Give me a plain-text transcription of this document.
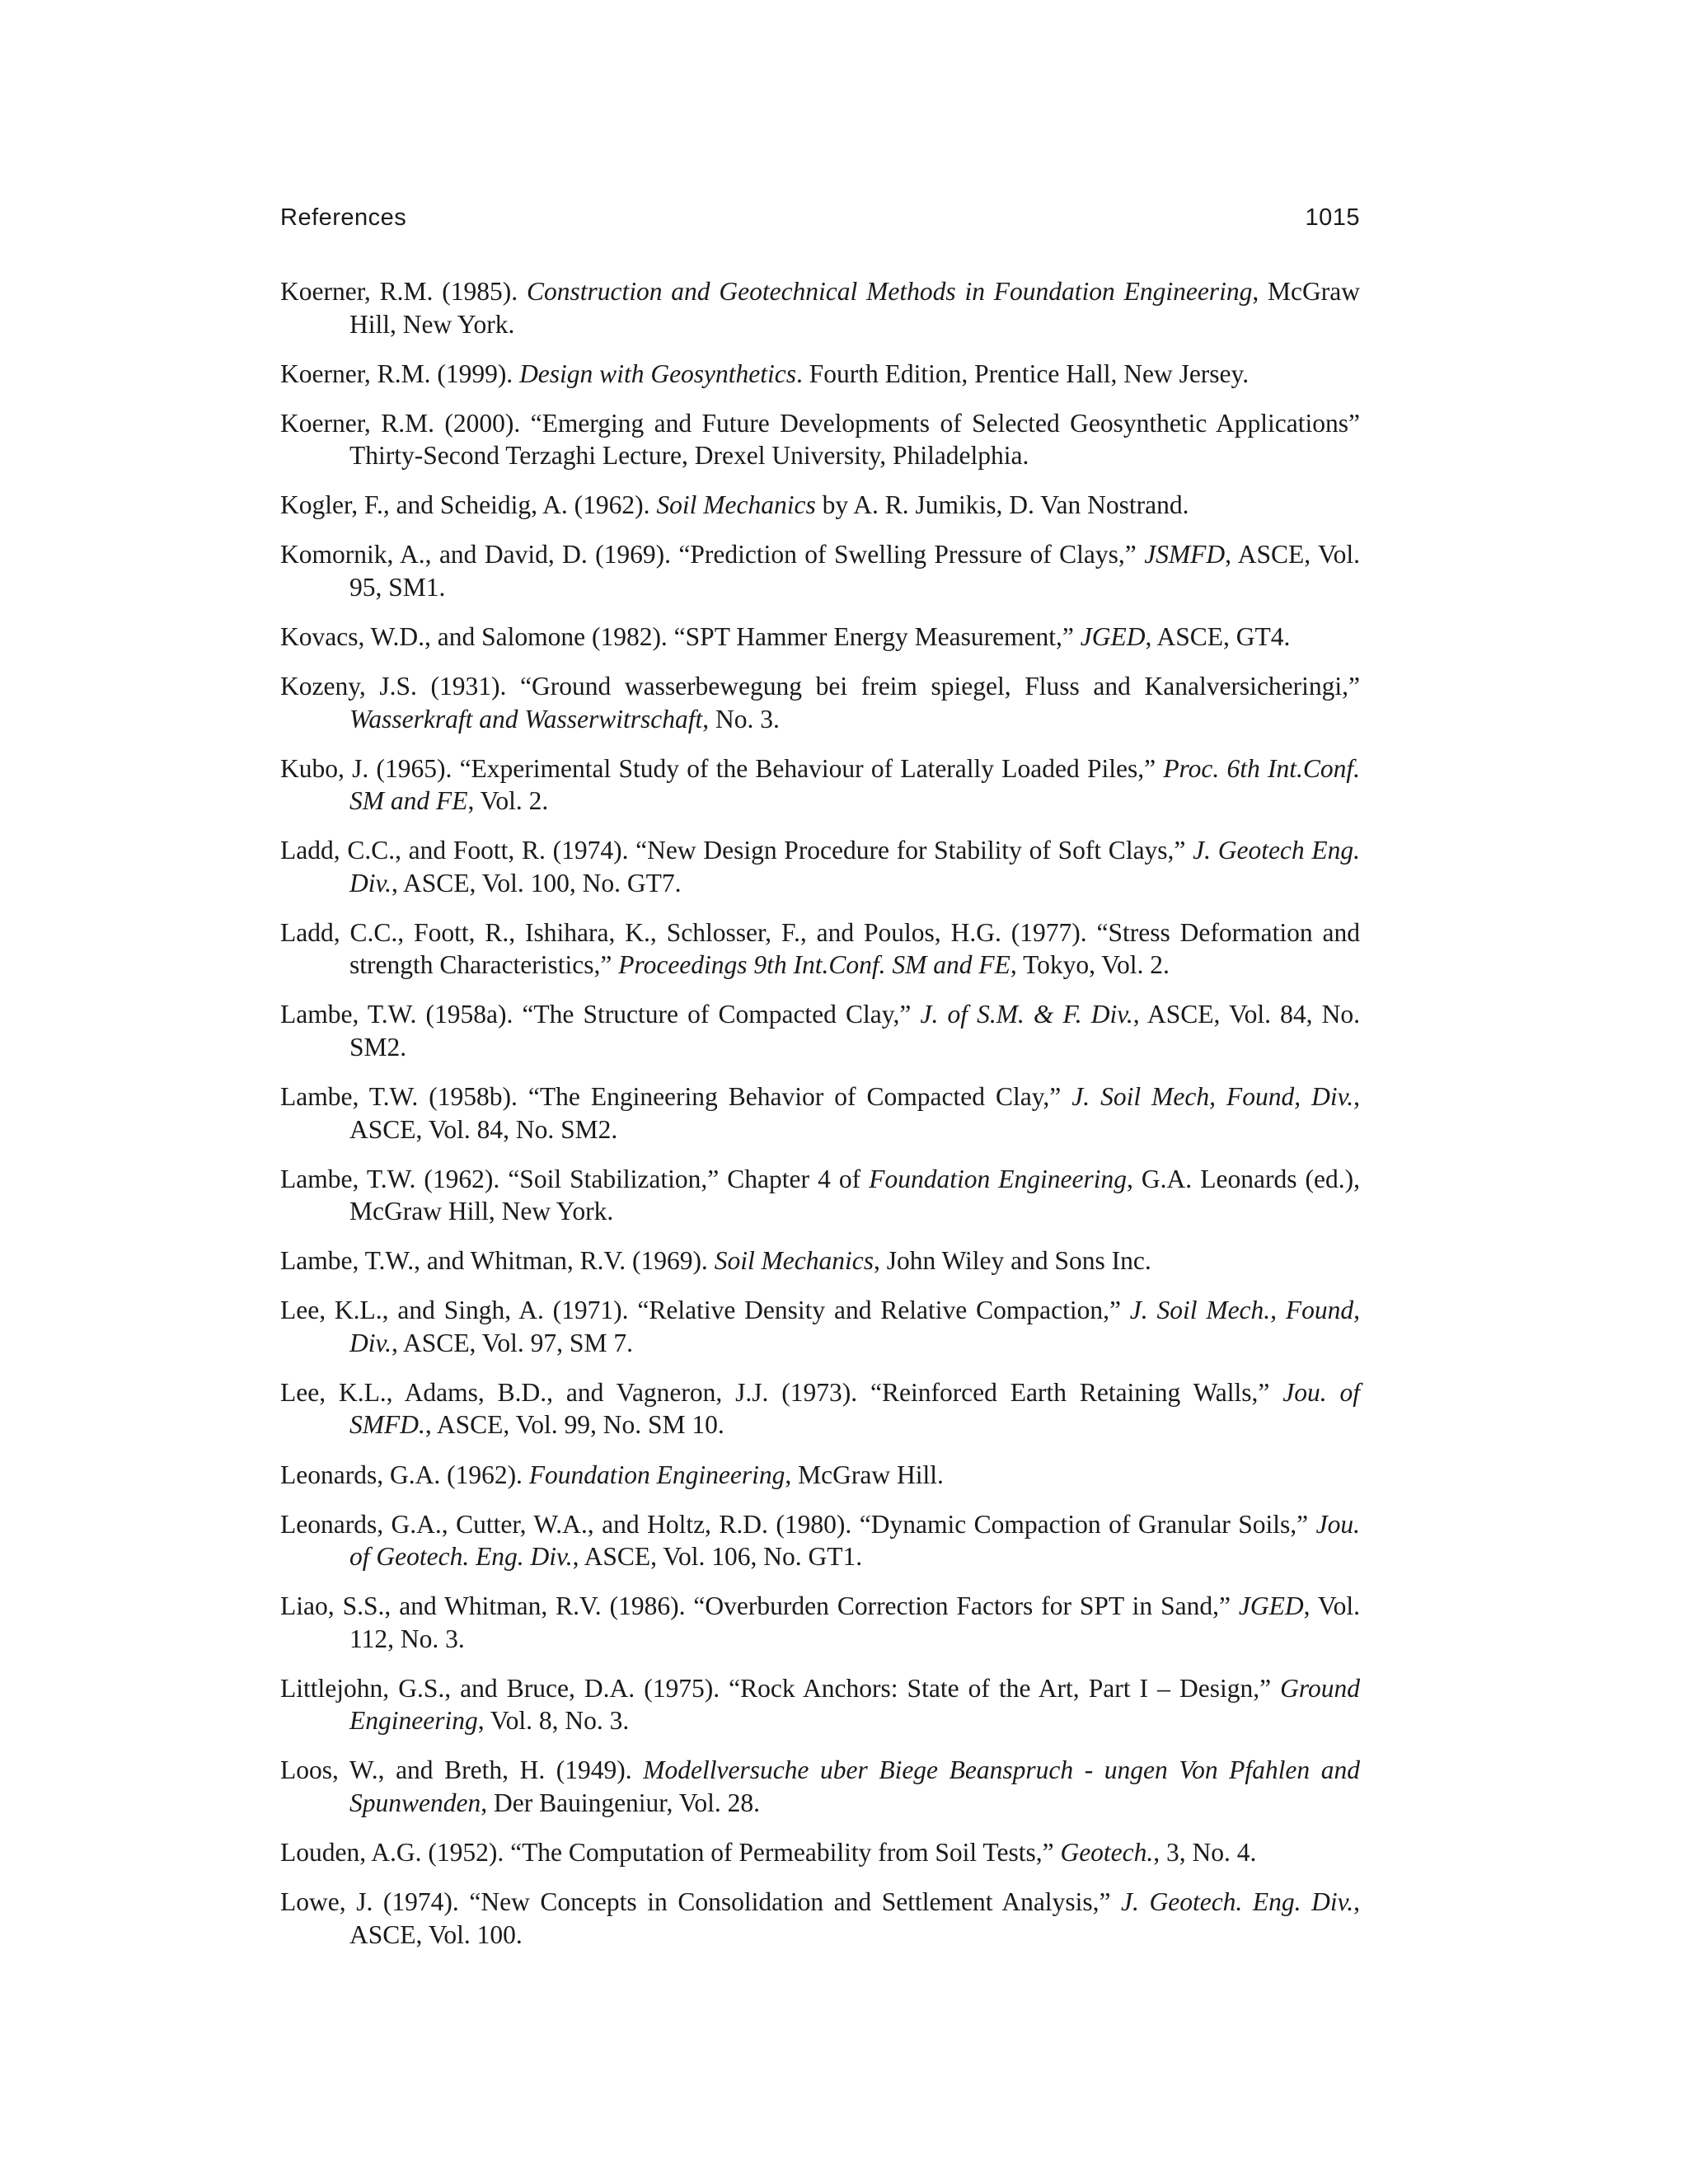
References	1015
Koerner, R.M. (1985). Construction and Geotechnical Methods in Foundation Engineering, McGraw Hill, New York.
Koerner, R.M. (1999). Design with Geosynthetics. Fourth Edition, Prentice Hall, New Jersey.
Koerner, R.M. (2000). “Emerging and Future Developments of Selected Geosynthetic Applications” Thirty-Second Terzaghi Lecture, Drexel University, Philadelphia.
Kogler, F., and Scheidig, A. (1962). Soil Mechanics by A. R. Jumikis, D. Van Nostrand.
Komornik, A., and David, D. (1969). “Prediction of Swelling Pressure of Clays,” JSMFD, ASCE, Vol. 95, SM1.
Kovacs, W.D., and Salomone (1982). “SPT Hammer Energy Measurement,” JGED, ASCE, GT4.
Kozeny, J.S. (1931). “Ground wasserbewegung bei freim spiegel, Fluss and Kanalversicheringi,” Wasserkraft and Wasserwitrschaft, No. 3.
Kubo, J. (1965). “Experimental Study of the Behaviour of Laterally Loaded Piles,” Proc. 6th Int.Conf. SM and FE, Vol. 2.
Ladd, C.C., and Foott, R. (1974). “New Design Procedure for Stability of Soft Clays,” J. Geotech Eng. Div., ASCE, Vol. 100, No. GT7.
Ladd, C.C., Foott, R., Ishihara, K., Schlosser, F., and Poulos, H.G. (1977). “Stress Deformation and strength Characteristics,” Proceedings 9th Int.Conf. SM and FE, Tokyo, Vol. 2.
Lambe, T.W. (1958a). “The Structure of Compacted Clay,” J. of S.M. & F. Div., ASCE, Vol. 84, No. SM2.
Lambe, T.W. (1958b). “The Engineering Behavior of Compacted Clay,” J. Soil Mech, Found, Div., ASCE, Vol. 84, No. SM2.
Lambe, T.W. (1962). “Soil Stabilization,” Chapter 4 of Foundation Engineering, G.A. Leonards (ed.), McGraw Hill, New York.
Lambe, T.W., and Whitman, R.V. (1969). Soil Mechanics, John Wiley and Sons Inc.
Lee, K.L., and Singh, A. (1971). “Relative Density and Relative Compaction,” J. Soil Mech., Found, Div., ASCE, Vol. 97, SM 7.
Lee, K.L., Adams, B.D., and Vagneron, J.J. (1973). “Reinforced Earth Retaining Walls,” Jou. of SMFD., ASCE, Vol. 99, No. SM 10.
Leonards, G.A. (1962). Foundation Engineering, McGraw Hill.
Leonards, G.A., Cutter, W.A., and Holtz, R.D. (1980). “Dynamic Compaction of Granular Soils,” Jou. of Geotech. Eng. Div., ASCE, Vol. 106, No. GT1.
Liao, S.S., and Whitman, R.V. (1986). “Overburden Correction Factors for SPT in Sand,” JGED, Vol. 112, No. 3.
Littlejohn, G.S., and Bruce, D.A. (1975). “Rock Anchors: State of the Art, Part I – Design,” Ground Engineering, Vol. 8, No. 3.
Loos, W., and Breth, H. (1949). Modellversuche uber Biege Beanspruch - ungen Von Pfahlen and Spunwenden, Der Bauingeniur, Vol. 28.
Louden, A.G. (1952). “The Computation of Permeability from Soil Tests,” Geotech., 3, No. 4.
Lowe, J. (1974). “New Concepts in Consolidation and Settlement Analysis,” J. Geotech. Eng. Div., ASCE, Vol. 100.
